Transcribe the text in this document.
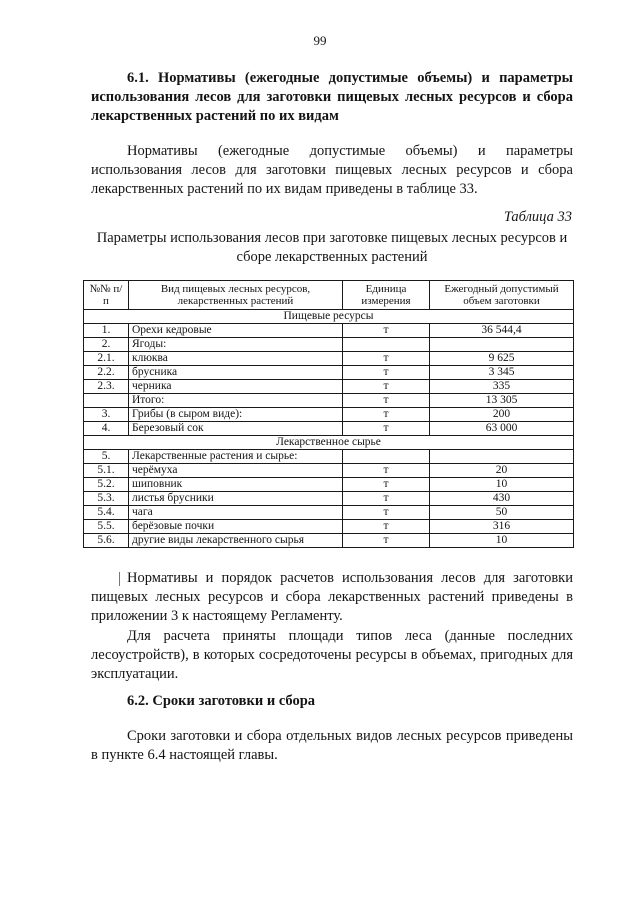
99
6.1. Нормативы (ежегодные допустимые объемы) и параметры использования лесов для заготовки пищевых лесных ресурсов и сбора лекарственных растений по их видам
Нормативы (ежегодные допустимые объемы) и параметры использования лесов для заготовки пищевых лесных ресурсов и сбора лекарственных растений по их видам приведены в таблице 33.
Таблица 33
Параметры использования лесов при заготовке пищевых лесных ресурсов и сборе лекарственных растений
№№ п/п	Вид пищевых лесных ресурсов, лекарственных растений	Единица измерения	Ежегодный допустимый объем заготовки
Пищевые ресурсы			
1.	Орехи кедровые	т	36 544,4
2.	Ягоды:		
2.1.	клюква	т	9 625
2.2.	брусника	т	3 345
2.3.	черника	т	335
	Итого:	т	13 305
3.	Грибы (в сыром виде):	т	200
4.	Березовый сок	т	63 000
Лекарственное сырье			
5.	Лекарственные растения и сырье:		
5.1.	черёмуха	т	20
5.2.	шиповник	т	10
5.3.	листья брусники	т	430
5.4.	чага	т	50
5.5.	берёзовые почки	т	316
5.6.	другие виды лекарственного сырья	т	10
Нормативы и порядок расчетов использования лесов для заготовки пищевых лесных ресурсов и сбора лекарственных растений приведены в приложении 3 к настоящему Регламенту.
Для расчета приняты площади типов леса (данные последних лесоустройств), в которых сосредоточены ресурсы в объемах, пригодных для эксплуатации.
6.2. Сроки заготовки и сбора
Сроки заготовки и сбора отдельных видов лесных ресурсов приведены в пункте 6.4 настоящей главы.
